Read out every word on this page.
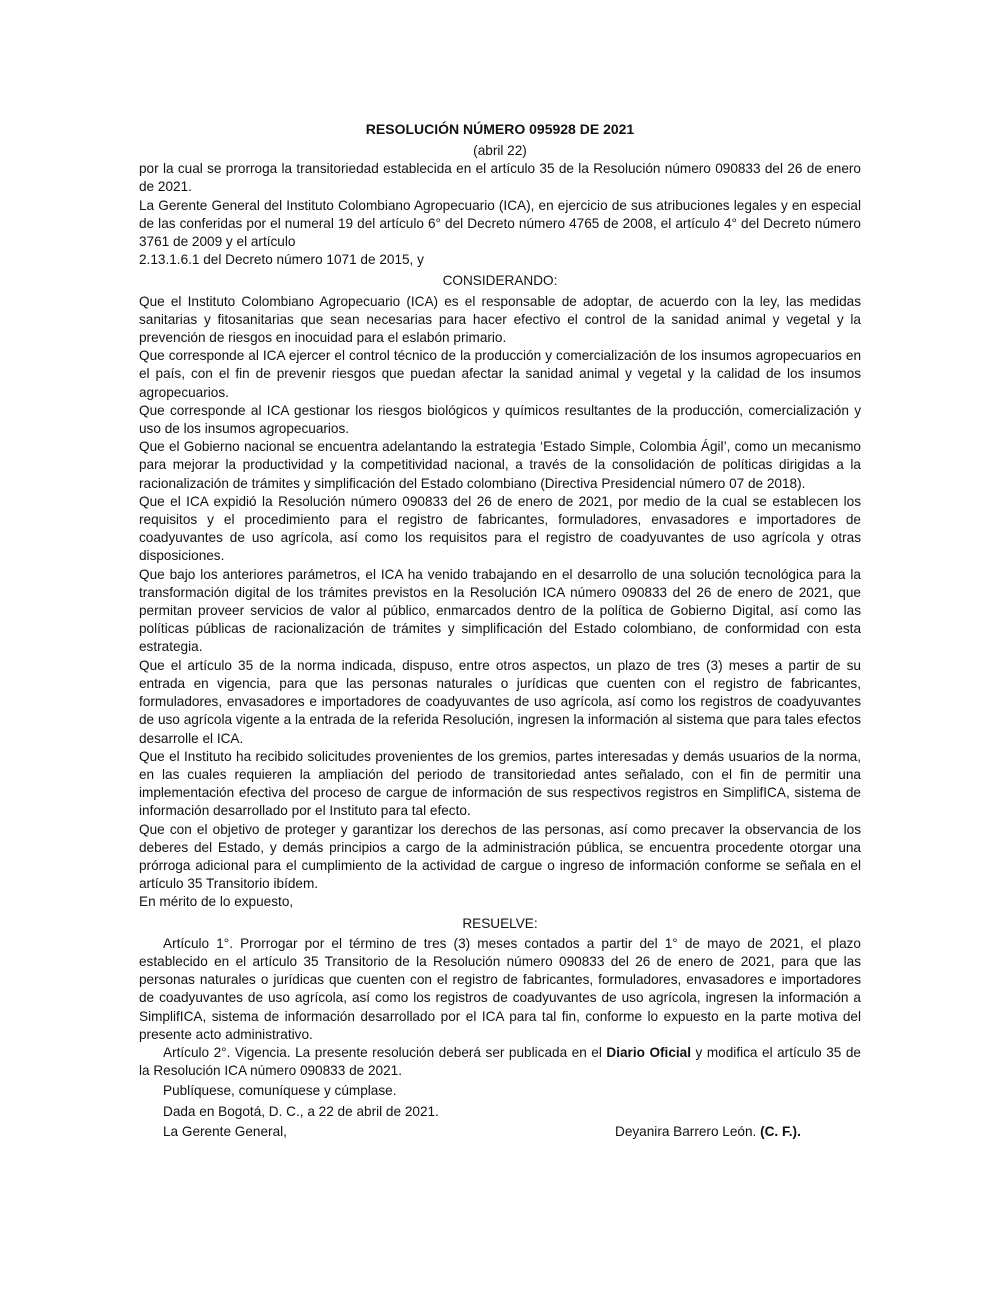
RESOLUCIÓN NÚMERO 095928 DE 2021
(abril 22)

por la cual se prorroga la transitoriedad establecida en el artículo 35 de la Resolución número 090833 del 26 de enero de 2021.

La Gerente General del Instituto Colombiano Agropecuario (ICA), en ejercicio de sus atribuciones legales y en especial de las conferidas por el numeral 19 del artículo 6° del Decreto número 4765 de 2008, el artículo 4° del Decreto número 3761 de 2009 y el artículo

2.13.1.6.1 del Decreto número 1071 de 2015, y

CONSIDERANDO:

Que el Instituto Colombiano Agropecuario (ICA) es el responsable de adoptar, de acuerdo con la ley, las medidas sanitarias y fitosanitarias que sean necesarias para hacer efectivo el control de la sanidad animal y vegetal y la prevención de riesgos en inocuidad para el eslabón primario.

Que corresponde al ICA ejercer el control técnico de la producción y comercialización de los insumos agropecuarios en el país, con el fin de prevenir riesgos que puedan afectar la sanidad animal y vegetal y la calidad de los insumos agropecuarios.

Que corresponde al ICA gestionar los riesgos biológicos y químicos resultantes de la producción, comercialización y uso de los insumos agropecuarios.

Que el Gobierno nacional se encuentra adelantando la estrategia ‘Estado Simple, Colombia Ágil’, como un mecanismo para mejorar la productividad y la competitividad nacional, a través de la consolidación de políticas dirigidas a la racionalización de trámites y simplificación del Estado colombiano (Directiva Presidencial número 07 de 2018).

Que el ICA expidió la Resolución número 090833 del 26 de enero de 2021, por medio de la cual se establecen los requisitos y el procedimiento para el registro de fabricantes, formuladores, envasadores e importadores de coadyuvantes de uso agrícola, así como los requisitos para el registro de coadyuvantes de uso agrícola y otras disposiciones.

Que bajo los anteriores parámetros, el ICA ha venido trabajando en el desarrollo de una solución tecnológica para la transformación digital de los trámites previstos en la Resolución ICA número 090833 del 26 de enero de 2021, que permitan proveer servicios de valor al público, enmarcados dentro de la política de Gobierno Digital, así como las políticas públicas de racionalización de trámites y simplificación del Estado colombiano, de conformidad con esta estrategia.

Que el artículo 35 de la norma indicada, dispuso, entre otros aspectos, un plazo de tres (3) meses a partir de su entrada en vigencia, para que las personas naturales o jurídicas que cuenten con el registro de fabricantes, formuladores, envasadores e importadores de coadyuvantes de uso agrícola, así como los registros de coadyuvantes de uso agrícola vigente a la entrada de la referida Resolución, ingresen la información al sistema que para tales efectos desarrolle el ICA.

Que el Instituto ha recibido solicitudes provenientes de los gremios, partes interesadas y demás usuarios de la norma, en las cuales requieren la ampliación del periodo de transitoriedad antes señalado, con el fin de permitir una implementación efectiva del proceso de cargue de información de sus respectivos registros en SimplifICA, sistema de información desarrollado por el Instituto para tal efecto.

Que con el objetivo de proteger y garantizar los derechos de las personas, así como precaver la observancia de los deberes del Estado, y demás principios a cargo de la administración pública, se encuentra procedente otorgar una prórroga adicional para el cumplimiento de la actividad de cargue o ingreso de información conforme se señala en el artículo 35 Transitorio ibídem.

En mérito de lo expuesto,

RESUELVE:

Artículo 1°. Prorrogar por el término de tres (3) meses contados a partir del 1° de mayo de 2021, el plazo establecido en el artículo 35 Transitorio de la Resolución número 090833 del 26 de enero de 2021, para que las personas naturales o jurídicas que cuenten con el registro de fabricantes, formuladores, envasadores e importadores de coadyuvantes de uso agrícola, así como los registros de coadyuvantes de uso agrícola, ingresen la información a SimplifICA, sistema de información desarrollado por el ICA para tal fin, conforme lo expuesto en la parte motiva del presente acto administrativo.

Artículo 2°. Vigencia. La presente resolución deberá ser publicada en el Diario Oficial y modifica el artículo 35 de la Resolución ICA número 090833 de 2021.

Publíquese, comuníquese y cúmplase.

Dada en Bogotá, D. C., a 22 de abril de 2021.

La Gerente General,	Deyanira Barrero León. (C. F.).
